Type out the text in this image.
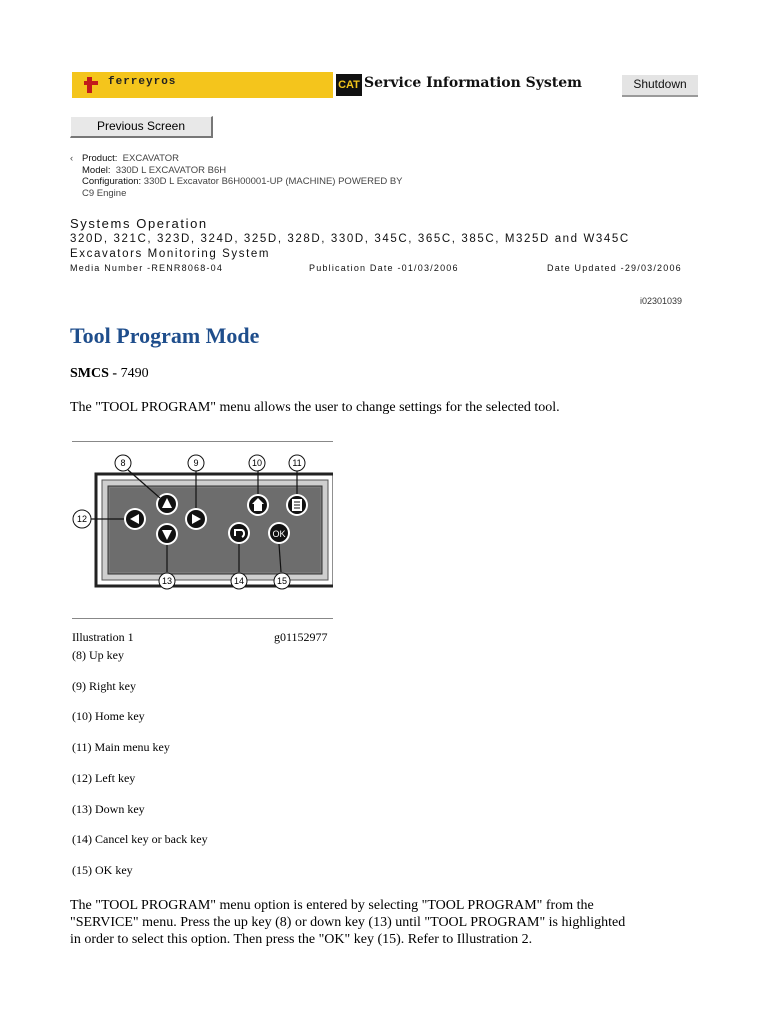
ferreyros	CAT Service Information System	Shutdown
Previous Screen
‹ Product: EXCAVATOR
Model: 330D L EXCAVATOR B6H
Configuration: 330D L Excavator B6H00001-UP (MACHINE) POWERED BY
C9 Engine
Systems Operation
320D, 321C, 323D, 324D, 325D, 328D, 330D, 345C, 365C, 385C, M325D and W345C
Excavators Monitoring System
Media Number -RENR8068-04	Publication Date -01/03/2006	Date Updated -29/03/2006
i02301039
Tool Program Mode
SMCS - 7490
The "TOOL PROGRAM" menu allows the user to change settings for the selected tool.
OK
8	9	10	11
12
13	14	15
Illustration 1	g01152977
(8) Up key
(9) Right key
(10) Home key
(11) Main menu key
(12) Left key
(13) Down key
(14) Cancel key or back key
(15) OK key
The "TOOL PROGRAM" menu option is entered by selecting "TOOL PROGRAM" from the
"SERVICE" menu. Press the up key (8) or down key (13) until "TOOL PROGRAM" is highlighted
in order to select this option. Then press the "OK" key (15). Refer to Illustration 2.
